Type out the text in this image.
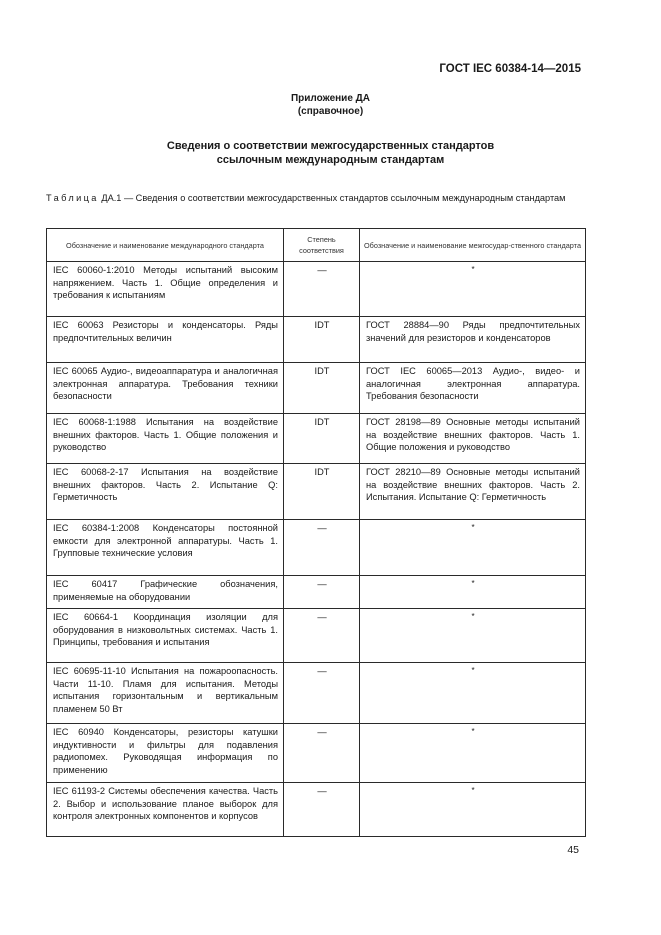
ГОСТ IEC 60384-14—2015
Приложение ДА
(справочное)
Сведения о соответствии межгосударственных стандартов
ссылочным международным стандартам
Таблица ДА.1 — Сведения о соответствии межгосударственных стандартов ссылочным международным стандартам
Обозначение и наименование международного стандарта	Степень соответствия	Обозначение и наименование межгосудар-ственного стандарта
IEC 60060-1:2010 Методы испытаний высоким напряжением. Часть 1. Общие определения и требования к испытаниям	—	*
IEC 60063 Резисторы и конденсаторы. Ряды предпочтительных величин	IDT	ГОСТ 28884—90 Ряды предпочтительных значений для резисторов и конденсаторов
IEC 60065 Аудио-, видеоаппаратура и аналогичная электронная аппаратура. Требования техники безопасности	IDT	ГОСТ IEC 60065—2013 Аудио-, видео- и аналогичная электронная аппаратура. Требования безопасности
IEC 60068-1:1988 Испытания на воздействие внешних факторов. Часть 1. Общие положения и руководство	IDT	ГОСТ 28198—89 Основные методы испытаний на воздействие внешних факторов. Часть 1. Общие положения и руководство
IEC 60068-2-17 Испытания на воздействие внешних факторов. Часть 2. Испытание Q: Герметичность	IDT	ГОСТ 28210—89 Основные методы испытаний на воздействие внешних факторов. Часть 2. Испытания. Испытание Q: Герметичность
IEC 60384-1:2008 Конденсаторы постоянной емкости для электронной аппаратуры. Часть 1. Групповые технические условия	—	*
IEC 60417 Графические обозначения, применяемые на оборудовании	—	*
IEC 60664-1 Координация изоляции для оборудования в низковольтных системах. Часть 1. Принципы, требования и испытания	—	*
IEC 60695-11-10 Испытания на пожароопасность. Части 11-10. Пламя для испытания. Методы испытания горизонтальным и вертикальным пламенем 50 Вт	—	*
IEC 60940 Конденсаторы, резисторы катушки индуктивности и фильтры для подавления радиопомех. Руководящая информация по применению	—	*
IEC 61193-2 Системы обеспечения качества. Часть 2. Выбор и использование планое выборок для контроля электронных компонентов и корпусов	—	*
45
